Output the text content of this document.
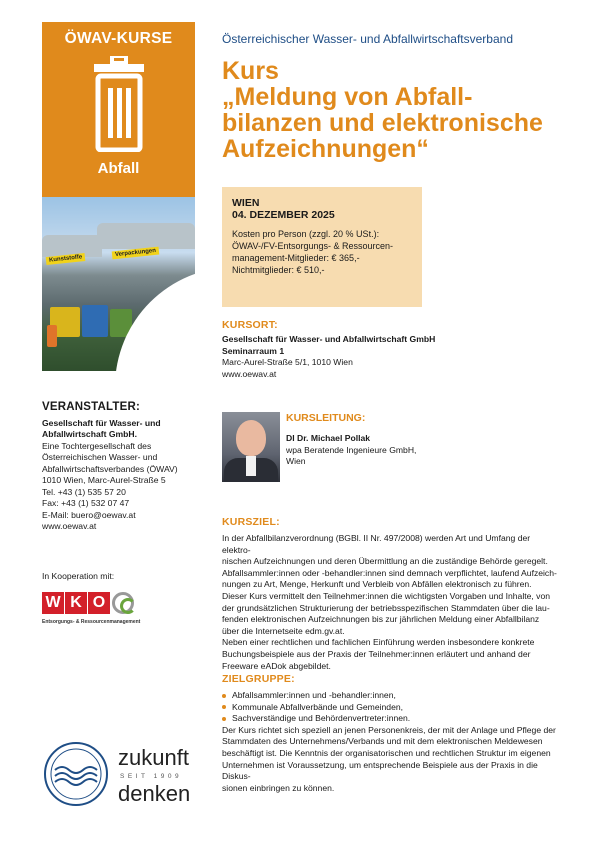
ÖWAV-KURSE
Abfall
Kunststoffe
Verpackungen
VERANSTALTER:
Gesellschaft für Wasser- und
Abfallwirtschaft GmbH.
Eine Tochtergesellschaft des
Österreichischen Wasser- und
Abfallwirtschaftsverbandes (ÖWAV)
1010 Wien, Marc-Aurel-Straße 5
Tel. +43 (1) 535 57 20
Fax: +43 (1) 532 07 47
E-Mail: buero@oewav.at
www.oewav.at
In Kooperation mit:
W K O
Entsorgungs- & Ressourcenmanagement
zukunft
SEIT 1909
denken
Österreichischer Wasser- und Abfallwirtschaftsverband
Kurs
„Meldung von Abfall-
bilanzen und elektronische
Aufzeichnungen“
WIEN
04. DEZEMBER 2025
Kosten pro Person (zzgl. 20 % USt.):
ÖWAV-/FV-Entsorgungs- & Ressourcen-
management-Mitglieder: € 365,-
Nichtmitglieder: € 510,-
KURSORT:
Gesellschaft für Wasser- und Abfallwirtschaft GmbH
Seminarraum 1
Marc-Aurel-Straße 5/1, 1010 Wien
www.oewav.at
KURSLEITUNG:
DI Dr. Michael Pollak
wpa Beratende Ingenieure GmbH,
Wien
KURSZIEL:
In der Abfallbilanzverordnung (BGBl. II Nr. 497/2008) werden Art und Umfang der elektro-
nischen Aufzeichnungen und deren Übermittlung an die zuständige Behörde geregelt.
Abfallsammler:innen oder -behandler:innen sind demnach verpflichtet, laufend Aufzeich-
nungen zu Art, Menge, Herkunft und Verbleib von Abfällen elektronisch zu führen.
Dieser Kurs vermittelt den Teilnehmer:innen die wichtigsten Vorgaben und Inhalte, von
der grundsätzlichen Strukturierung der betriebsspezifischen Stammdaten über die lau-
fenden elektronischen Aufzeichnungen bis zur jährlichen Meldung einer Abfallbilanz
über die Internetseite edm.gv.at.
Neben einer rechtlichen und fachlichen Einführung werden insbesondere konkrete
Buchungsbeispiele aus der Praxis der Teilnehmer:innen erläutert und anhand der
Freeware eADok abgebildet.
ZIELGRUPPE:
Abfallsammler:innen und -behandler:innen,
Kommunale Abfallverbände und Gemeinden,
Sachverständige und Behördenvertreter:innen.
Der Kurs richtet sich speziell an jenen Personenkreis, der mit der Anlage und Pflege der
Stammdaten des Unternehmens/Verbands und mit dem elektronischen Meldewesen
beschäftigt ist. Die Kenntnis der organisatorischen und rechtlichen Struktur im eigenen
Unternehmen ist Voraussetzung, um entsprechende Beispiele aus der Praxis in die Diskus-
sionen einbringen zu können.
